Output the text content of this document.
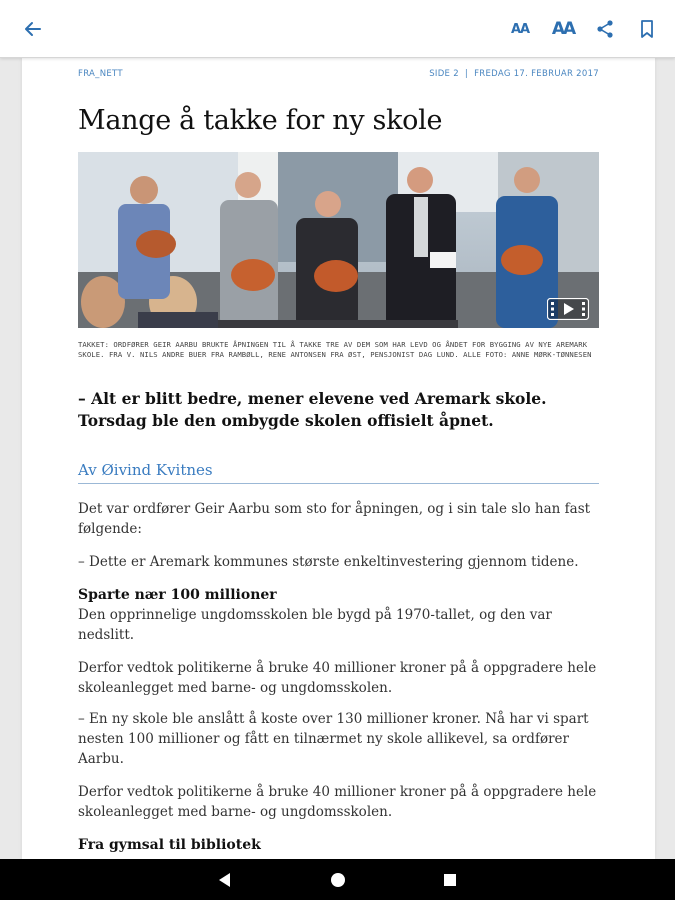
AA AA
FRA_NETT	SIDE 2  |  FREDAG 17. FEBRUAR 2017
Mange å takke for ny skole
TAKKET: ORDFØRER GEIR AARBU BRUKTE ÅPNINGEN TIL Å TAKKE TRE AV DEM SOM HAR LEVD OG ÅNDET FOR BYGGING AV NYE AREMARK SKOLE. FRA V. NILS ANDRE BUER FRA RAMBØLL, RENE ANTONSEN FRA ØST, PENSJONIST DAG LUND. ALLE FOTO: ANNE MØRK-TØNNESEN
– Alt er blitt bedre, mener elevene ved Aremark skole. Torsdag ble den ombygde skolen offisielt åpnet.
Av Øivind Kvitnes
Det var ordfører Geir Aarbu som sto for åpningen, og i sin tale slo han fast følgende:
– Dette er Aremark kommunes største enkeltinvestering gjennom tidene.
Sparte nær 100 millioner
Den opprinnelige ungdomsskolen ble bygd på 1970-tallet, og den var nedslitt.
Derfor vedtok politikerne å bruke 40 millioner kroner på å oppgradere hele skoleanlegget med barne- og ungdomsskolen.
– En ny skole ble anslått å koste over 130 millioner kroner. Nå har vi spart nesten 100 millioner og fått en tilnærmet ny skole allikevel, sa ordfører Aarbu.
Derfor vedtok politikerne å bruke 40 millioner kroner på å oppgradere hele skoleanlegget med barne- og ungdomsskolen.
Fra gymsal til bibliotek
